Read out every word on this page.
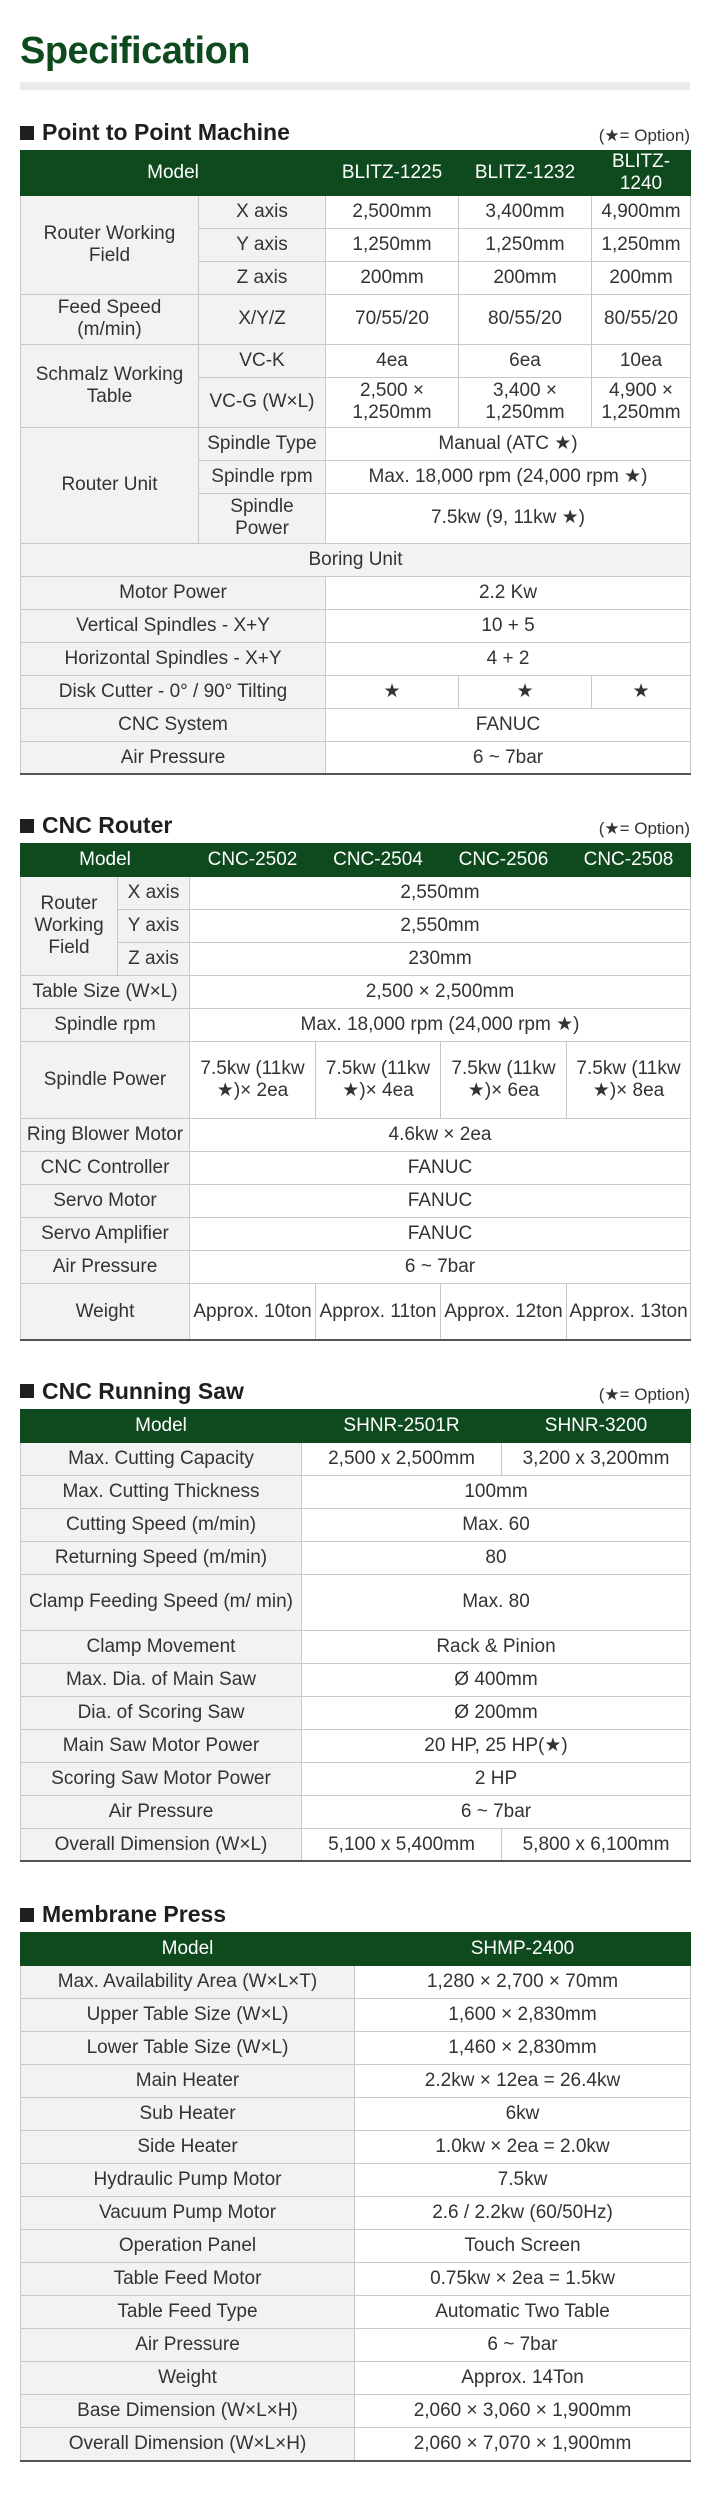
Specification
Point to Point Machine	(★= Option)
Model		BLITZ-1225	BLITZ-1232	BLITZ-1240
Router Working Field	X axis	2,500mm	3,400mm	4,900mm
	Y axis	1,250mm	1,250mm	1,250mm
	Z axis	200mm	200mm	200mm
Feed Speed (m/min)	X/Y/Z	70/55/20	80/55/20	80/55/20
Schmalz Working Table	VC-K	4ea	6ea	10ea
	VC-G (W×L)	2,500 × 1,250mm	3,400 × 1,250mm	4,900 × 1,250mm
Router Unit	Spindle Type	Manual (ATC ★)		
	Spindle rpm	Max. 18,000 rpm (24,000 rpm ★)		
	Spindle Power	7.5kw (9, 11kw ★)		
Boring Unit				
Motor Power		2.2 Kw		
Vertical Spindles - X+Y		10 + 5		
Horizontal Spindles - X+Y		4 + 2		
Disk Cutter - 0° / 90° Tilting		★	★	★
CNC System		FANUC		
Air Pressure		6 ~ 7bar		
CNC Router	(★= Option)
Model		CNC-2502	CNC-2504	CNC-2506	CNC-2508
Router Working Field	X axis	2,550mm			
	Y axis	2,550mm			
	Z axis	230mm			
Table Size (W×L)		2,500 × 2,500mm			
Spindle rpm		Max. 18,000 rpm (24,000 rpm ★)			
Spindle Power		7.5kw (11kw ★)× 2ea	7.5kw (11kw ★)× 4ea	7.5kw (11kw ★)× 6ea	7.5kw (11kw ★)× 8ea
Ring Blower Motor		4.6kw × 2ea			
CNC Controller		FANUC			
Servo Motor		FANUC			
Servo Amplifier		FANUC			
Air Pressure		6 ~ 7bar			
Weight		Approx. 10ton	Approx. 11ton	Approx. 12ton	Approx. 13ton
CNC Running Saw	(★= Option)
Model	SHNR-2501R	SHNR-3200
Max. Cutting Capacity	2,500 x 2,500mm	3,200 x 3,200mm
Max. Cutting Thickness	100mm	
Cutting Speed (m/min)	Max. 60	
Returning Speed (m/min)	80	
Clamp Feeding Speed (m/ min)	Max. 80	
Clamp Movement	Rack & Pinion	
Max. Dia. of Main Saw	Ø 400mm	
Dia. of Scoring Saw	Ø 200mm	
Main Saw Motor Power	20 HP, 25 HP(★)	
Scoring Saw Motor Power	2 HP	
Air Pressure	6 ~ 7bar	
Overall Dimension (W×L)	5,100 x 5,400mm	5,800 x 6,100mm
Membrane Press
Model	SHMP-2400
Max. Availability Area (W×L×T)	1,280 × 2,700 × 70mm
Upper Table Size (W×L)	1,600 × 2,830mm
Lower Table Size (W×L)	1,460 × 2,830mm
Main Heater	2.2kw × 12ea = 26.4kw
Sub Heater	6kw
Side Heater	1.0kw × 2ea = 2.0kw
Hydraulic Pump Motor	7.5kw
Vacuum Pump Motor	2.6 / 2.2kw (60/50Hz)
Operation Panel	Touch Screen
Table Feed Motor	0.75kw × 2ea = 1.5kw
Table Feed Type	Automatic Two Table
Air Pressure	6 ~ 7bar
Weight	Approx. 14Ton
Base Dimension (W×L×H)	2,060 × 3,060 × 1,900mm
Overall Dimension (W×L×H)	2,060 × 7,070 × 1,900mm
